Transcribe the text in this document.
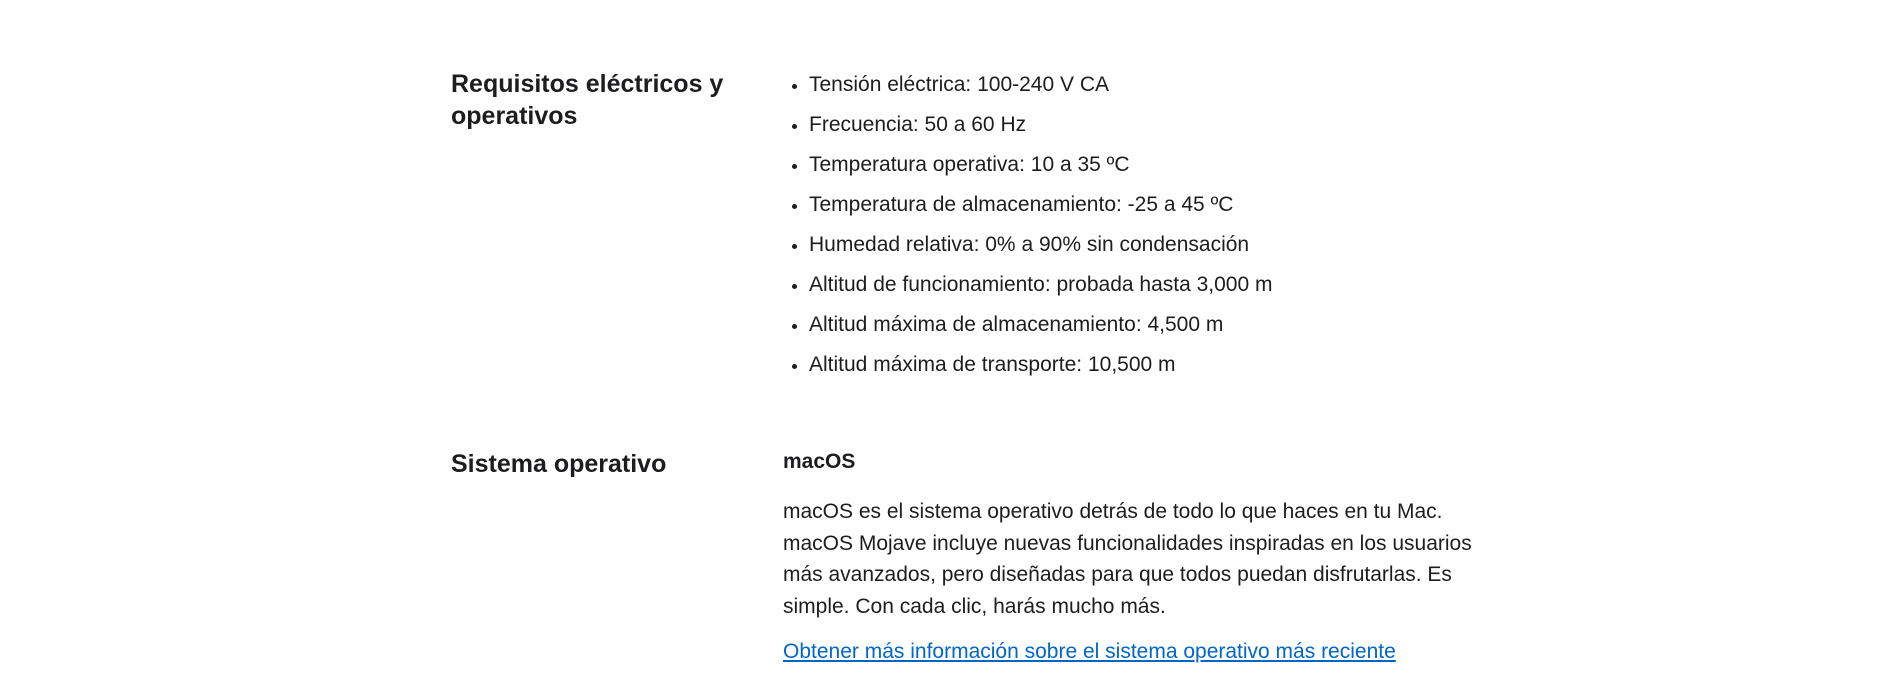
Requisitos eléctricos y operativos
• Tensión eléctrica: 100-240 V CA
• Frecuencia: 50 a 60 Hz
• Temperatura operativa: 10 a 35 ºC
• Temperatura de almacenamiento: -25 a 45 ºC
• Humedad relativa: 0% a 90% sin condensación
• Altitud de funcionamiento: probada hasta 3,000 m
• Altitud máxima de almacenamiento: 4,500 m
• Altitud máxima de transporte: 10,500 m
Sistema operativo	macOS

macOS es el sistema operativo detrás de todo lo que haces en tu Mac. macOS Mojave incluye nuevas funcionalidades inspiradas en los usuarios más avanzados, pero diseñadas para que todos puedan disfrutarlas. Es simple. Con cada clic, harás mucho más.

Obtener más información sobre el sistema operativo más reciente
